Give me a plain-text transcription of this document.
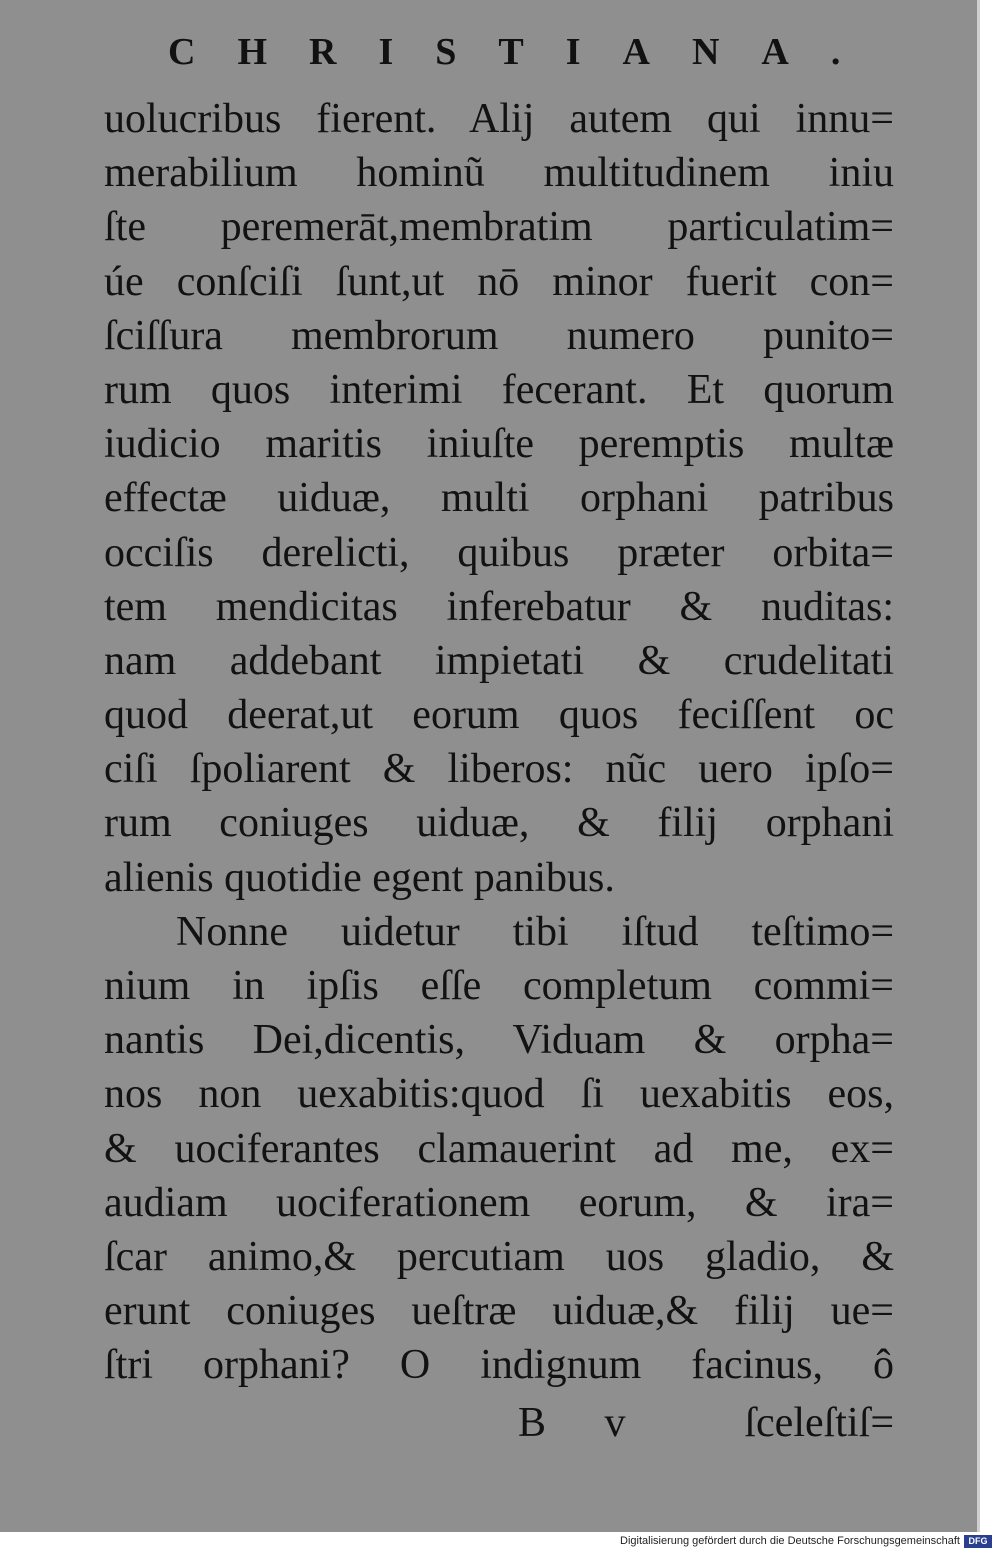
CHRISTIANA.
uolucribus fierent. Alij autem qui innu=
merabilium hominũ multitudinem iniu
ſte peremerāt,membratim particulatim=
úe conſciſi ſunt,ut nō minor fuerit con=
ſciſſura membrorum numero punito=
rum quos interimi fecerant. Et quorum
iudicio maritis iniuſte peremptis multæ
effectæ uiduæ, multi orphani patribus
occiſis derelicti, quibus præter orbita=
tem mendicitas inferebatur & nuditas:
nam addebant impietati & crudelitati
quod deerat,ut eorum quos feciſſent oc
ciſi ſpoliarent & liberos: nũc uero ipſo=
rum coniuges uiduæ, & filij orphani
alienis quotidie egent panibus.
Nonne uidetur tibi iſtud teſtimo=
nium in ipſis eſſe completum commi=
nantis Dei,dicentis, Viduam & orpha=
nos non uexabitis:quod ſi uexabitis eos,
& uociferantes clamauerint ad me, ex=
audiam uociferationem eorum, & ira=
ſcar animo,& percutiam uos gladio, &
erunt coniuges ueſtræ uiduæ,& filij ue=
ſtri orphani? O indignum facinus, ô
B v ſceleſtiſ=
Digitalisierung gefördert durch die Deutsche Forschungsgemeinschaft DFG
